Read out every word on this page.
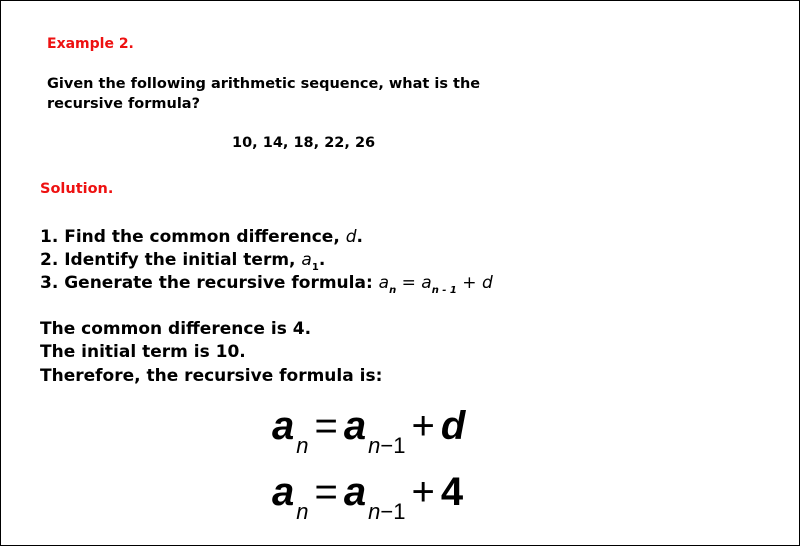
Example 2.
Given the following arithmetic sequence, what is the
recursive formula?
10, 14, 18, 22, 26
Solution.
1. Find the common difference, d.
2. Identify the initial term, $a_1$.
3. Generate the recursive formula: $a_n = a_{n - 1} + d$
The common difference is 4.
The initial term is 10.
Therefore, the recursive formula is:
$a_n = a_{n-1} + d$
$a_n = a_{n-1} + 4$
